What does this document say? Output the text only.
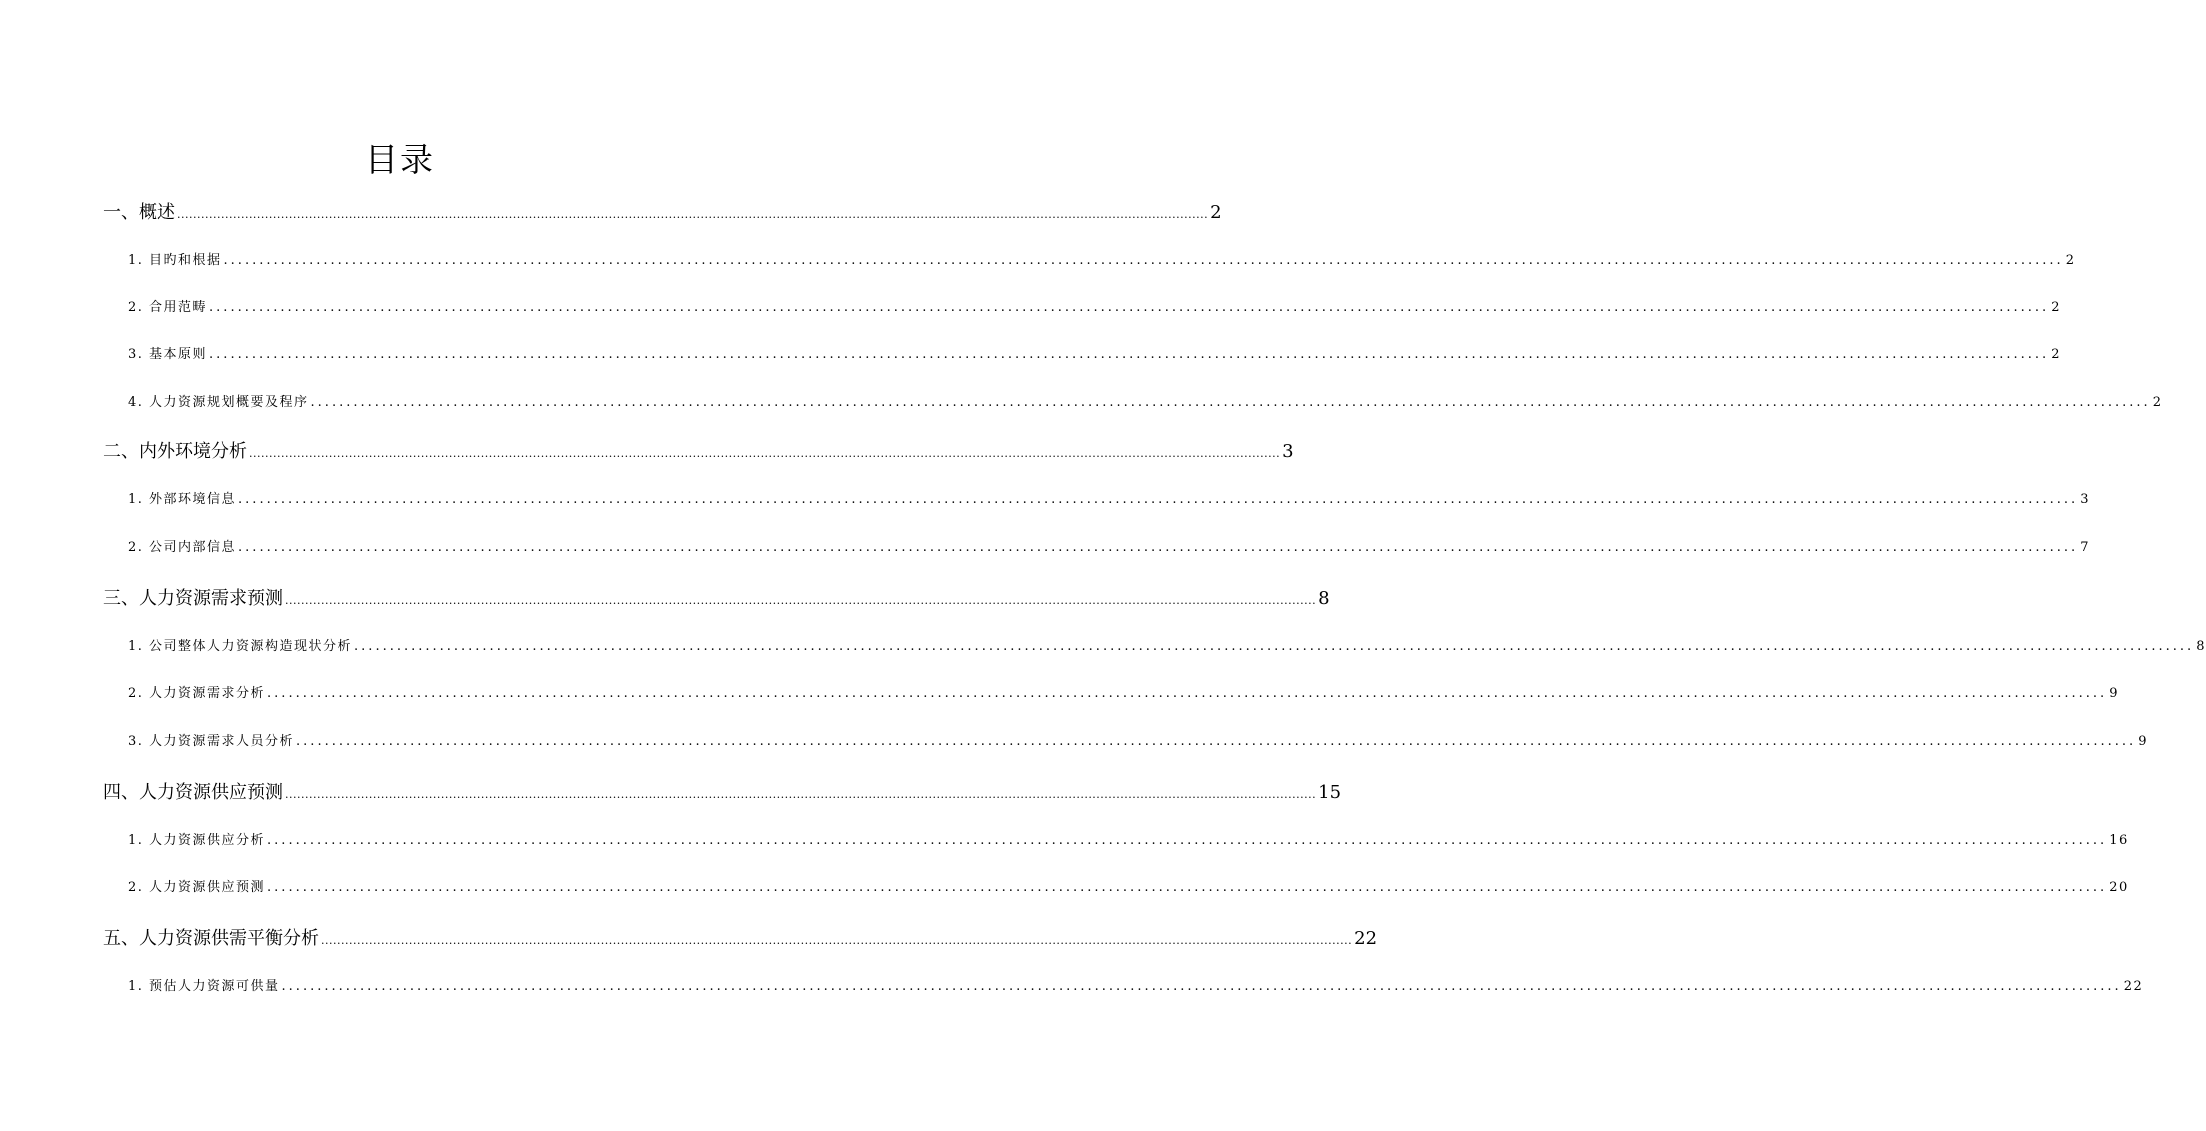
目录
一、概述 .................................................................................................................................................................................................................................................................. 2
1. 目旳和根据 .................................................................................................................................................................................................................................................................. 2
2. 合用范畴 .................................................................................................................................................................................................................................................................. 2
3. 基本原则 .................................................................................................................................................................................................................................................................. 2
4. 人力资源规划概要及程序 .................................................................................................................................................................................................................................................................. 2
二、内外环境分析 .................................................................................................................................................................................................................................................................. 3
1. 外部环境信息 .................................................................................................................................................................................................................................................................. 3
2. 公司内部信息 .................................................................................................................................................................................................................................................................. 7
三、人力资源需求预测 .................................................................................................................................................................................................................................................................. 8
1. 公司整体人力资源构造现状分析 .................................................................................................................................................................................................................................................................. 8
2. 人力资源需求分析 .................................................................................................................................................................................................................................................................. 9
3. 人力资源需求人员分析 .................................................................................................................................................................................................................................................................. 9
四、人力资源供应预测 .................................................................................................................................................................................................................................................................. 15
1. 人力资源供应分析 .................................................................................................................................................................................................................................................................. 16
2. 人力资源供应预测 .................................................................................................................................................................................................................................................................. 20
五、人力资源供需平衡分析 .................................................................................................................................................................................................................................................................. 22
1. 预估人力资源可供量 .................................................................................................................................................................................................................................................................. 22
